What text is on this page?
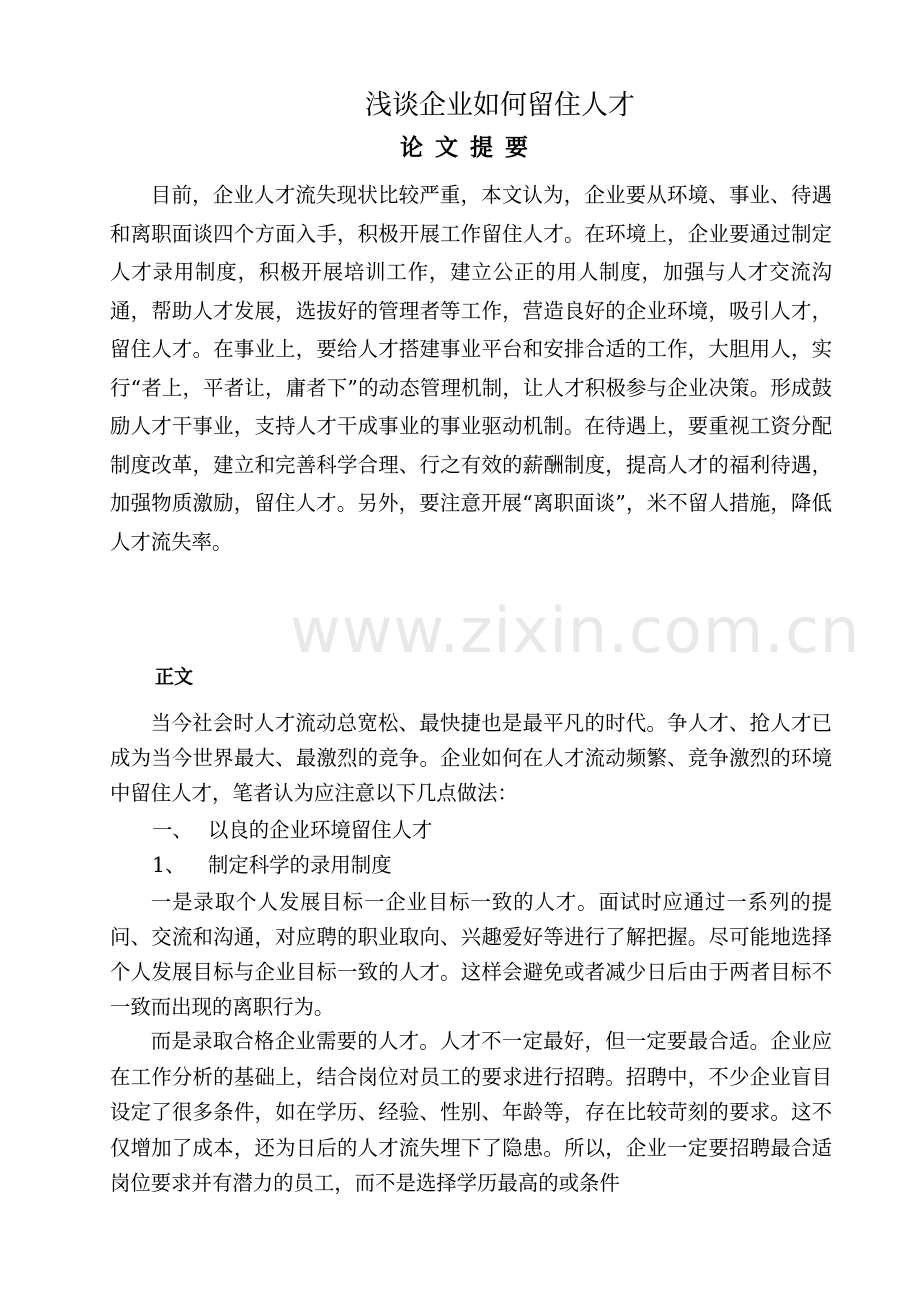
浅谈企业如何留住人才
论文提要

目前，企业人才流失现状比较严重，本文认为，企业要从环境、事业、待遇和离职面谈四个方面入手，积极开展工作留住人才。在环境上，企业要通过制定人才录用制度，积极开展培训工作，建立公正的用人制度，加强与人才交流沟通，帮助人才发展，选拔好的管理者等工作，营造良好的企业环境，吸引人才，留住人才。在事业上，要给人才搭建事业平台和安排合适的工作，大胆用人，实行“者上，平者让，庸者下”的动态管理机制，让人才积极参与企业决策。形成鼓励人才干事业，支持人才干成事业的事业驱动机制。在待遇上，要重视工资分配制度改革，建立和完善科学合理、行之有效的薪酬制度，提高人才的福利待遇，加强物质激励，留住人才。另外，要注意开展“离职面谈”，米不留人措施，降低人才流失率。

www.zixin.com.cn
正文

当今社会时人才流动总宽松、最快捷也是最平凡的时代。争人才、抢人才已成为当今世界最大、最激烈的竞争。企业如何在人才流动频繁、竞争激烈的环境中留住人才，笔者认为应注意以下几点做法：

一、 以良的企业环境留住人才
1、 制定科学的录用制度

一是录取个人发展目标一企业目标一致的人才。面试时应通过一系列的提问、交流和沟通，对应聘的职业取向、兴趣爱好等进行了解把握。尽可能地选择个人发展目标与企业目标一致的人才。这样会避免或者减少日后由于两者目标不一致而出现的离职行为。

而是录取合格企业需要的人才。人才不一定最好，但一定要最合适。企业应在工作分析的基础上，结合岗位对员工的要求进行招聘。招聘中，不少企业盲目设定了很多条件，如在学历、经验、性别、年龄等，存在比较苛刻的要求。这不仅增加了成本，还为日后的人才流失埋下了隐患。所以，企业一定要招聘最合适岗位要求并有潜力的员工，而不是选择学历最高的或条件
